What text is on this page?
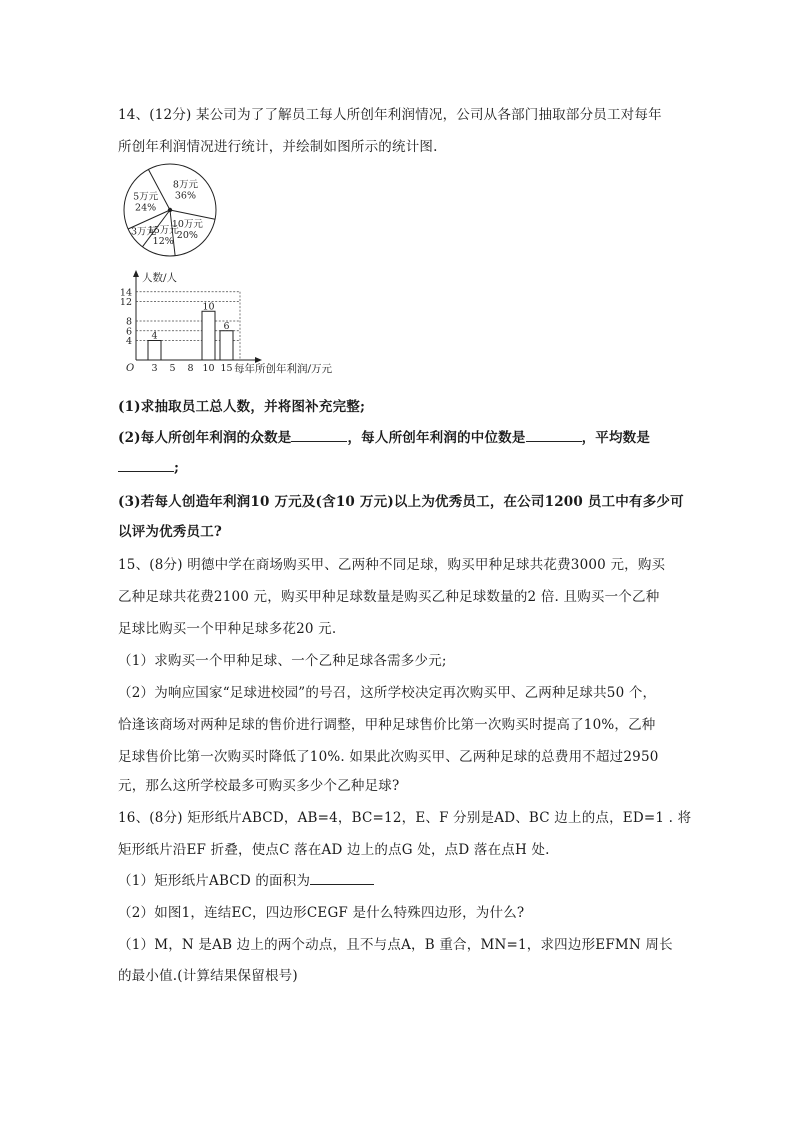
14、(12分) 某公司为了了解员工每人所创年利润情况，公司从各部门抽取部分员工对每年
所创年利润情况进行统计，并绘制如图所示的统计图.
8万元
36%
10万元
20%
15万元
12%
3万元
5万元
24%
4
6
8
12
14
人数/人
O 3
4
5 8 10
10
15
6
每年所创年利润/万元
(1)求抽取员工总人数，并将图补充完整;
(2)每人所创年利润的众数是	，每人所创年利润的中位数是	，平均数是
;
(3)若每人创造年利润10 万元及(含10 万元)以上为优秀员工，在公司1200 员工中有多少可
以评为优秀员工?
15、(8分) 明德中学在商场购买甲、乙两种不同足球，购买甲种足球共花费3000 元，购买
乙种足球共花费2100 元，购买甲种足球数量是购买乙种足球数量的2 倍. 且购买一个乙种
足球比购买一个甲种足球多花20 元.
（1）求购买一个甲种足球、一个乙种足球各需多少元;
（2）为响应国家“足球进校园”的号召，这所学校决定再次购买甲、乙两种足球共50 个，
恰逢该商场对两种足球的售价进行调整，甲种足球售价比第一次购买时提高了10%，乙种
足球售价比第一次购买时降低了10%. 如果此次购买甲、乙两种足球的总费用不超过2950
元，那么这所学校最多可购买多少个乙种足球?
16、(8分) 矩形纸片ABCD，AB=4，BC=12，E、F 分别是AD、BC 边上的点，ED=1 . 将
矩形纸片沿EF 折叠，使点C 落在AD 边上的点G 处，点D 落在点H 处.
（1）矩形纸片ABCD 的面积为
（2）如图1，连结EC，四边形CEGF 是什么特殊四边形，为什么?
（1）M，N 是AB 边上的两个动点，且不与点A，B 重合，MN=1，求四边形EFMN 周长
的最小值.(计算结果保留根号)
